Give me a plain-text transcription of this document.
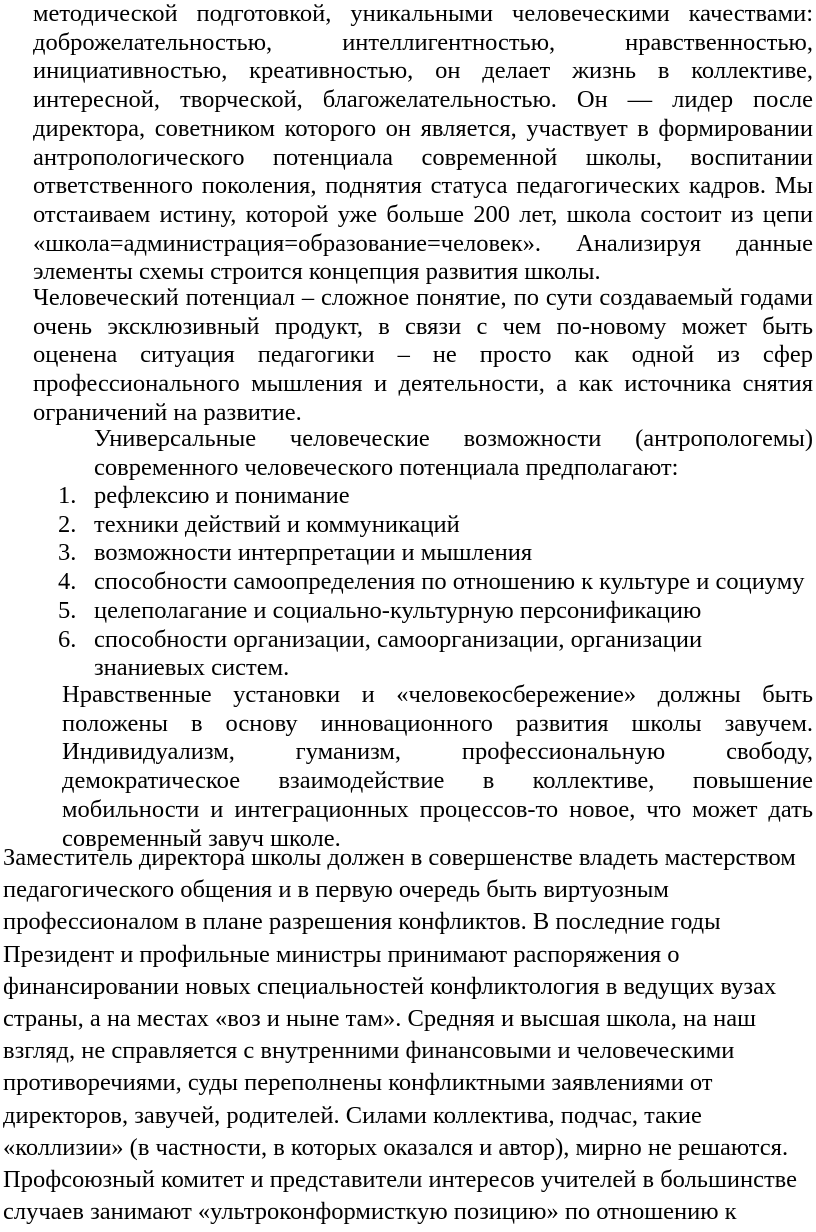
методической подготовкой, уникальными человеческими качествами: доброжелательностью, интеллигентностью, нравственностью, инициативностью, креативностью, он делает жизнь в коллективе, интересной, творческой, благожелательностью. Он — лидер после директора, советником которого он является, участвует в формировании антропологического потенциала современной школы, воспитании ответственного поколения, поднятия статуса педагогических кадров. Мы отстаиваем истину, которой уже больше 200 лет, школа состоит из цепи «школа=администрация=образование=человек». Анализируя данные элементы схемы строится концепция развития школы.

Человеческий потенциал – сложное понятие, по сути создаваемый годами очень эксклюзивный продукт, в связи с чем по-новому может быть оценена ситуация педагогики – не просто как одной из сфер профессионального мышления и деятельности, а как источника снятия ограничений на развитие.

Универсальные человеческие возможности (антропологемы) современного человеческого потенциала предполагают:

1. рефлексию и понимание
2. техники действий и коммуникаций
3. возможности интерпретации и мышления
4. способности самоопределения по отношению к культуре и социуму
5. целеполагание и социально-культурную персонификацию
6. способности организации, самоорганизации, организации знаниевых систем.

Нравственные установки и «человекосбережение» должны быть положены в основу инновационного развития школы завучем. Индивидуализм, гуманизм, профессиональную свободу, демократическое взаимодействие в коллективе, повышение мобильности и интеграционных процессов-то новое, что может дать современный завуч школе.

Заместитель директора школы должен в совершенстве владеть мастерством педагогического общения и в первую очередь быть виртуозным профессионалом в плане разрешения конфликтов. В последние годы Президент и профильные министры принимают распоряжения о финансировании новых специальностей конфликтология в ведущих вузах страны, а на местах «воз и ныне там». Средняя и высшая школа, на наш взгляд, не справляется с внутренними финансовыми и человеческими противоречиями, суды переполнены конфликтными заявлениями от директоров, завучей, родителей. Силами коллектива, подчас, такие «коллизии» (в частности, в которых оказался и автор), мирно не решаются. Профсоюзный комитет и представители интересов учителей в большинстве случаев занимают «ультроконформисткую позицию» по отношению к
